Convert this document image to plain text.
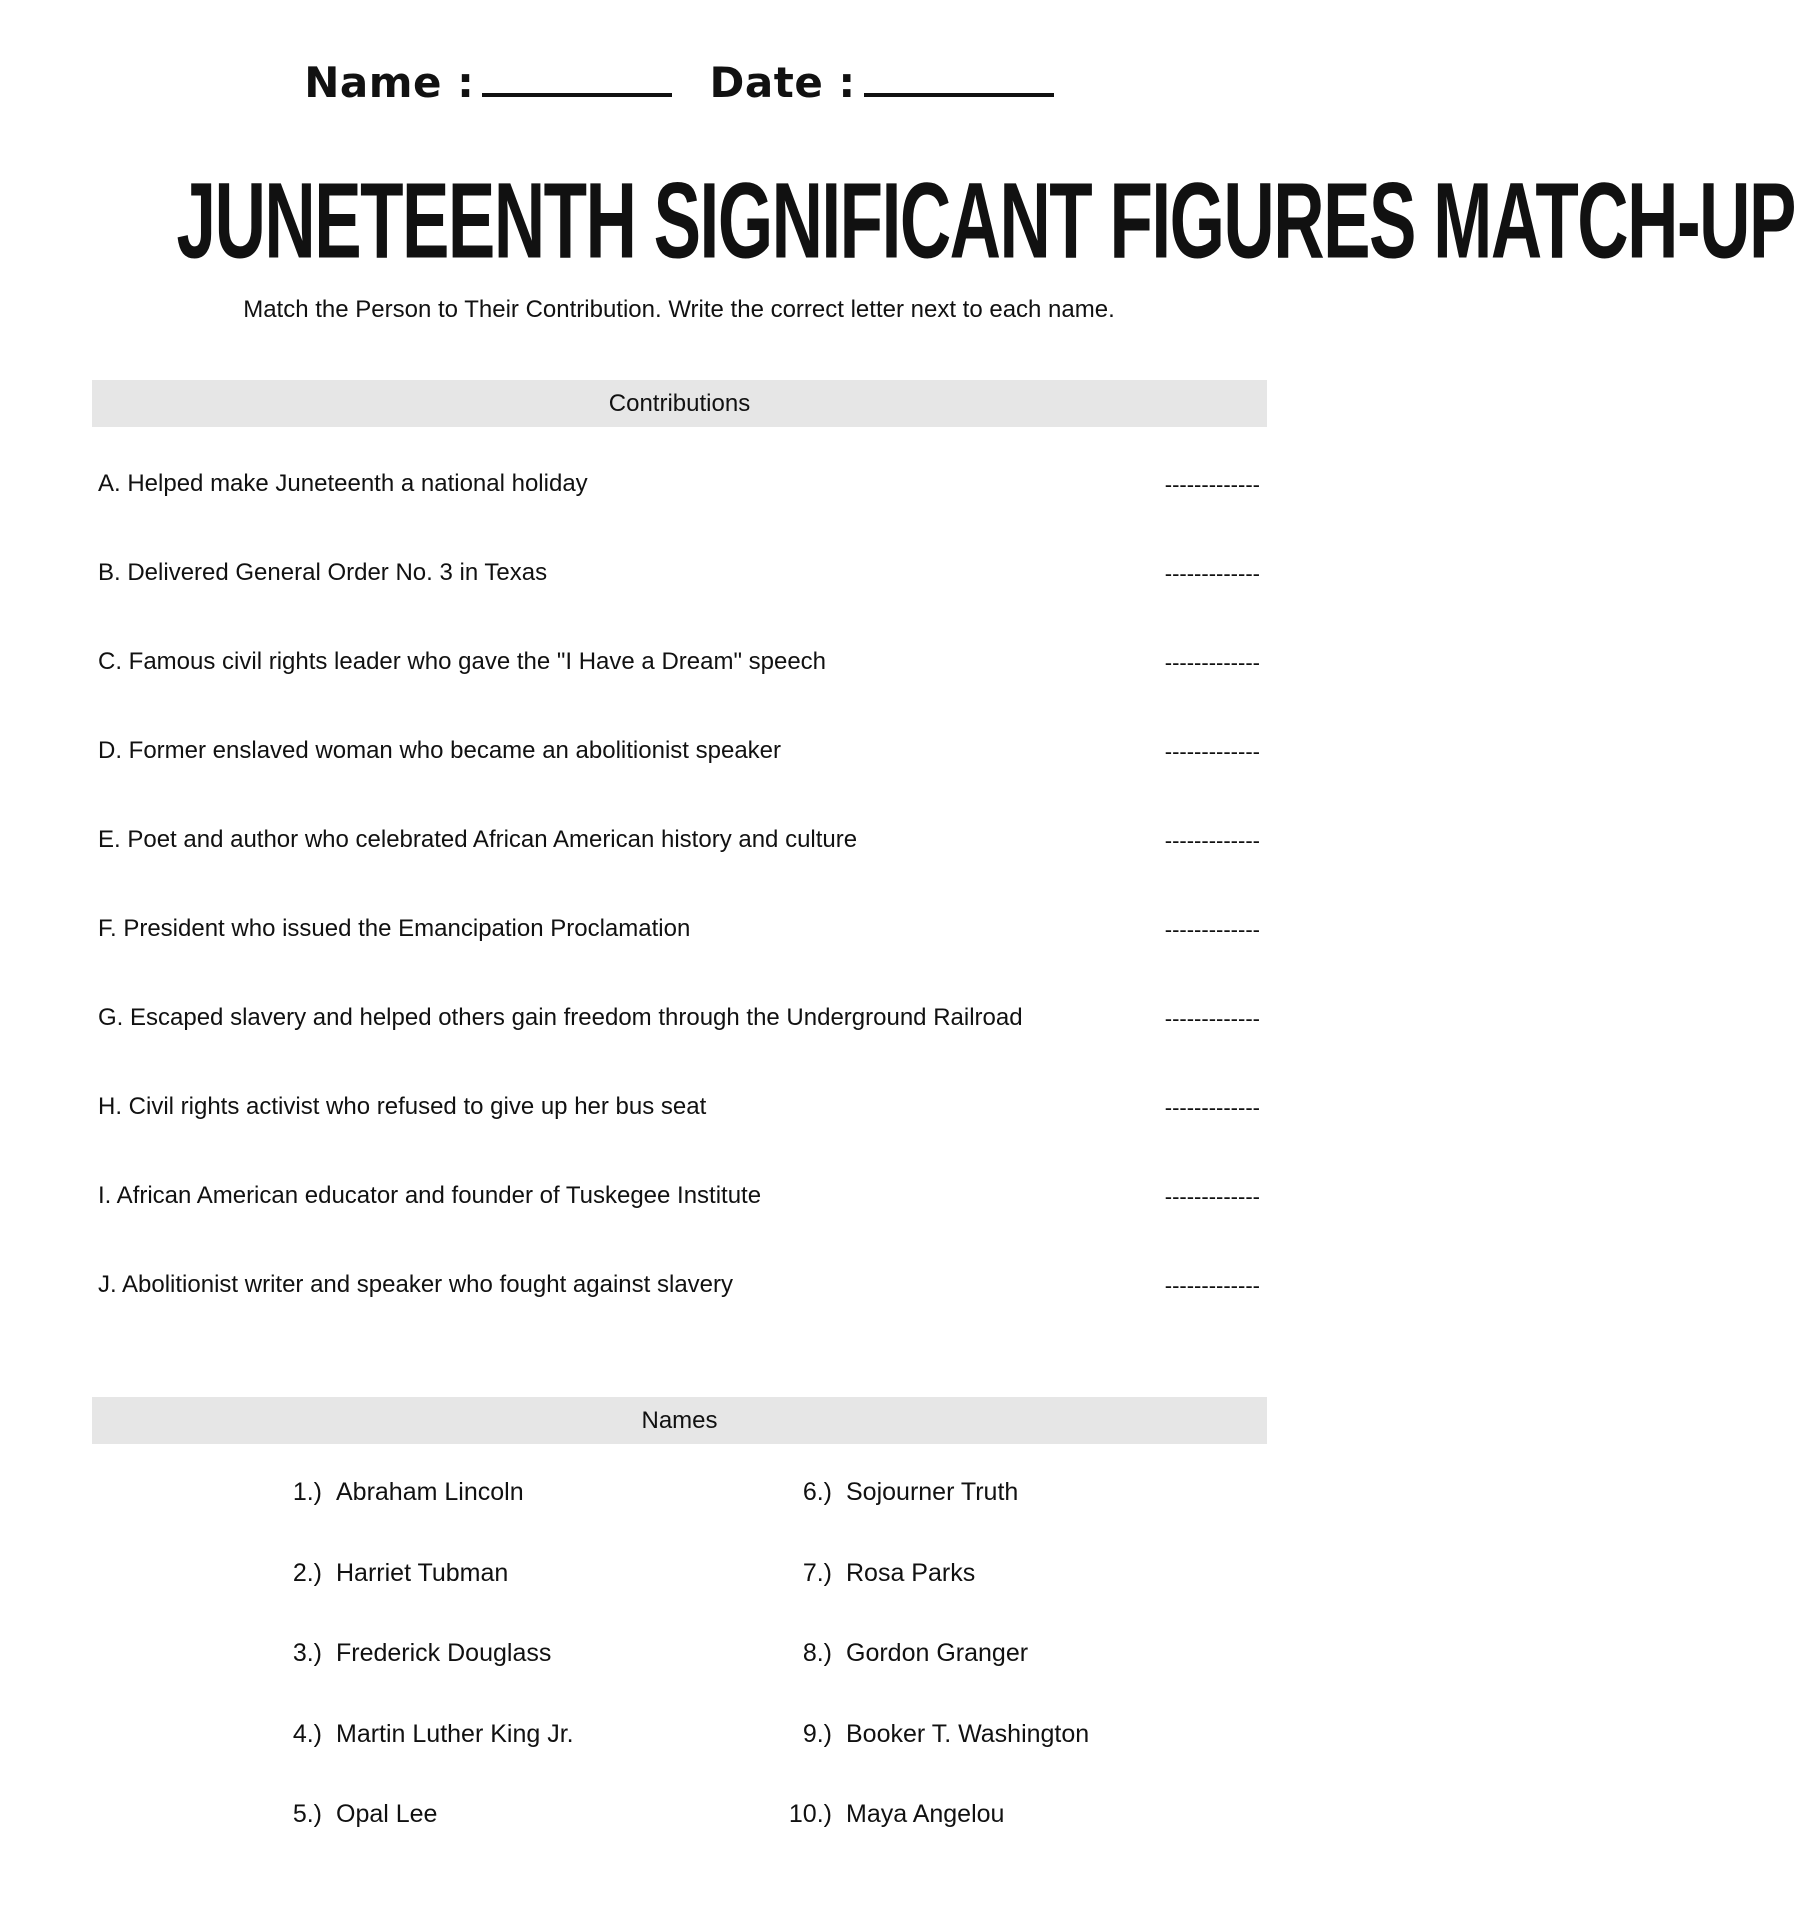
Name :	Date :
JUNETEENTH SIGNIFICANT FIGURES MATCH-UP
Match the Person to Their Contribution. Write the correct letter next to each name.
Contributions
A. Helped make Juneteenth a national holiday	-------------
B. Delivered General Order No. 3 in Texas	-------------
C. Famous civil rights leader who gave the "I Have a Dream" speech	-------------
D. Former enslaved woman who became an abolitionist speaker	-------------
E. Poet and author who celebrated African American history and culture	-------------
F. President who issued the Emancipation Proclamation	-------------
G. Escaped slavery and helped others gain freedom through the Underground Railroad	-------------
H. Civil rights activist who refused to give up her bus seat	-------------
I. African American educator and founder of Tuskegee Institute	-------------
J. Abolitionist writer and speaker who fought against slavery	-------------
Names
1.) Abraham Lincoln
2.) Harriet Tubman
3.) Frederick Douglass
4.) Martin Luther King Jr.
5.) Opal Lee
6.) Sojourner Truth
7.) Rosa Parks
8.) Gordon Granger
9.) Booker T. Washington
10.) Maya Angelou
